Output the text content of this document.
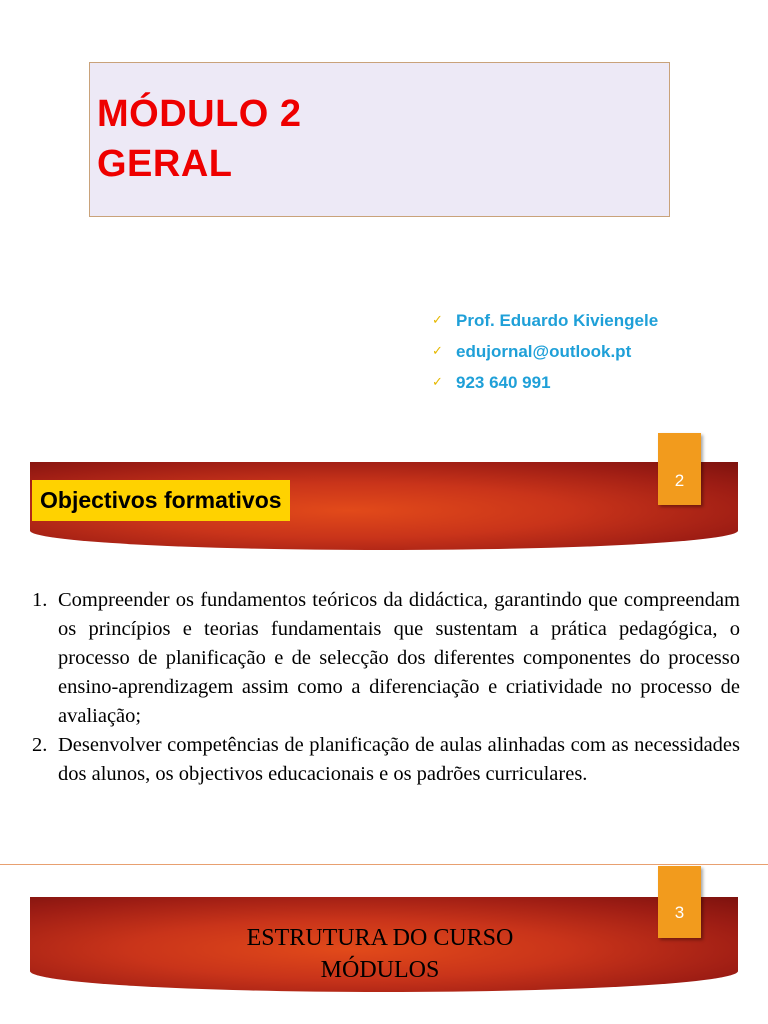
MÓDULO 2
GERAL
✓ Prof. Eduardo Kiviengele
✓ edujornal@outlook.pt
✓ 923 640 991
2
Objectivos formativos
1. Compreender os fundamentos teóricos da didáctica, garantindo que compreendam os princípios e teorias fundamentais que sustentam a prática pedagógica, o processo de planificação e de selecção dos diferentes componentes do processo ensino-aprendizagem assim como a diferenciação e criatividade no processo de avaliação;
2. Desenvolver competências de planificação de aulas alinhadas com as necessidades dos alunos, os objectivos educacionais e os padrões curriculares.
3
ESTRUTURA DO CURSO
MÓDULOS
